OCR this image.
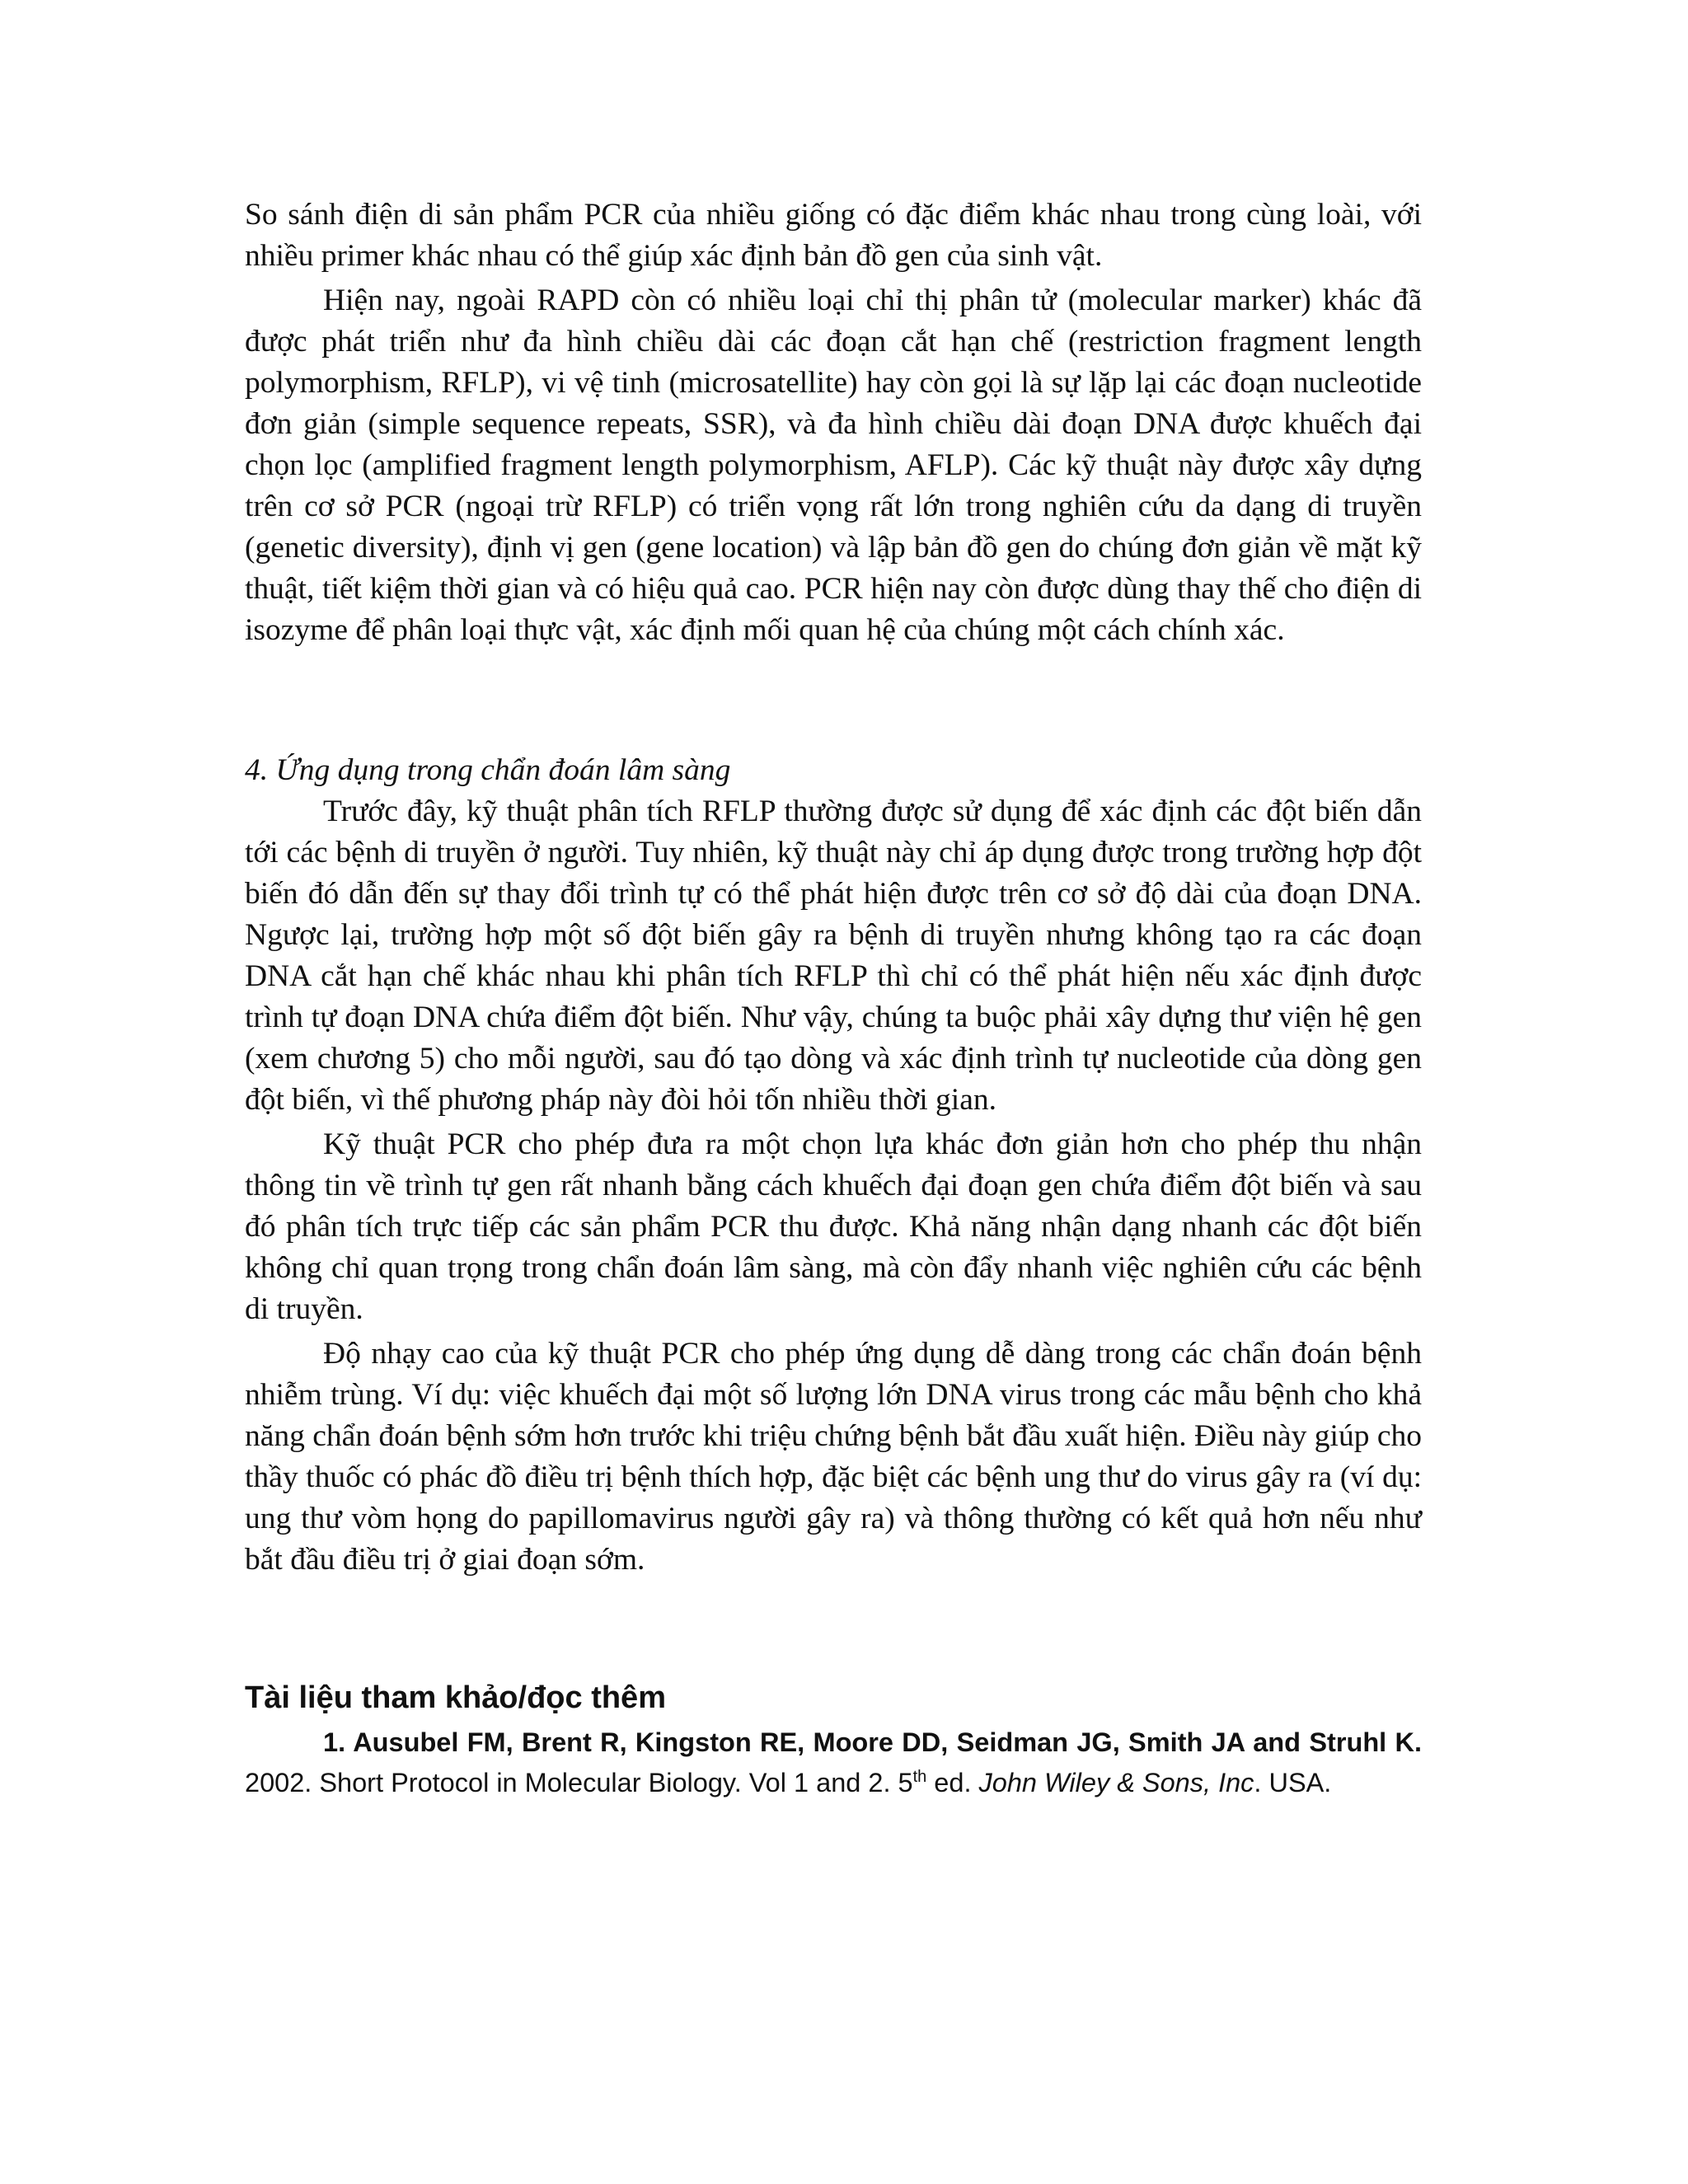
So sánh điện di sản phẩm PCR của nhiều giống có đặc điểm khác nhau trong cùng loài, với nhiều primer khác nhau có thể giúp xác định bản đồ gen của sinh vật.

Hiện nay, ngoài RAPD còn có nhiều loại chỉ thị phân tử (molecular marker) khác đã được phát triển như đa hình chiều dài các đoạn cắt hạn chế (restriction fragment length polymorphism, RFLP), vi vệ tinh (microsatellite) hay còn gọi là sự lặp lại các đoạn nucleotide đơn giản (simple sequence repeats, SSR), và đa hình chiều dài đoạn DNA được khuếch đại chọn lọc (amplified fragment length polymorphism, AFLP). Các kỹ thuật này được xây dựng trên cơ sở PCR (ngoại trừ RFLP) có triển vọng rất lớn trong nghiên cứu da dạng di truyền (genetic diversity), định vị gen (gene location) và lập bản đồ gen do chúng đơn giản về mặt kỹ thuật, tiết kiệm thời gian và có hiệu quả cao. PCR hiện nay còn được dùng thay thế cho điện di isozyme để phân loại thực vật, xác định mối quan hệ của chúng một cách chính xác.

4. Ứng dụng trong chẩn đoán lâm sàng

Trước đây, kỹ thuật phân tích RFLP thường được sử dụng để xác định các đột biến dẫn tới các bệnh di truyền ở người. Tuy nhiên, kỹ thuật này chỉ áp dụng được trong trường hợp đột biến đó dẫn đến sự thay đổi trình tự có thể phát hiện được trên cơ sở độ dài của đoạn DNA. Ngược lại, trường hợp một số đột biến gây ra bệnh di truyền nhưng không tạo ra các đoạn DNA cắt hạn chế khác nhau khi phân tích RFLP thì chỉ có thể phát hiện nếu xác định được trình tự đoạn DNA chứa điểm đột biến. Như vậy, chúng ta buộc phải xây dựng thư viện hệ gen (xem chương 5) cho mỗi người, sau đó tạo dòng và xác định trình tự nucleotide của dòng gen đột biến, vì thế phương pháp này đòi hỏi tốn nhiều thời gian.

Kỹ thuật PCR cho phép đưa ra một chọn lựa khác đơn giản hơn cho phép thu nhận thông tin về trình tự gen rất nhanh bằng cách khuếch đại đoạn gen chứa điểm đột biến và sau đó phân tích trực tiếp các sản phẩm PCR thu được. Khả năng nhận dạng nhanh các đột biến không chỉ quan trọng trong chẩn đoán lâm sàng, mà còn đẩy nhanh việc nghiên cứu các bệnh di truyền.

Độ nhạy cao của kỹ thuật PCR cho phép ứng dụng dễ dàng trong các chẩn đoán bệnh nhiễm trùng. Ví dụ: việc khuếch đại một số lượng lớn DNA virus trong các mẫu bệnh cho khả năng chẩn đoán bệnh sớm hơn trước khi triệu chứng bệnh bắt đầu xuất hiện. Điều này giúp cho thầy thuốc có phác đồ điều trị bệnh thích hợp, đặc biệt các bệnh ung thư do virus gây ra (ví dụ: ung thư vòm họng do papillomavirus người gây ra) và thông thường có kết quả hơn nếu như bắt đầu điều trị ở giai đoạn sớm.

Tài liệu tham khảo/đọc thêm

1. Ausubel FM, Brent R, Kingston RE, Moore DD, Seidman JG, Smith JA and Struhl K. 2002. Short Protocol in Molecular Biology. Vol 1 and 2. 5th ed. John Wiley & Sons, Inc. USA.
